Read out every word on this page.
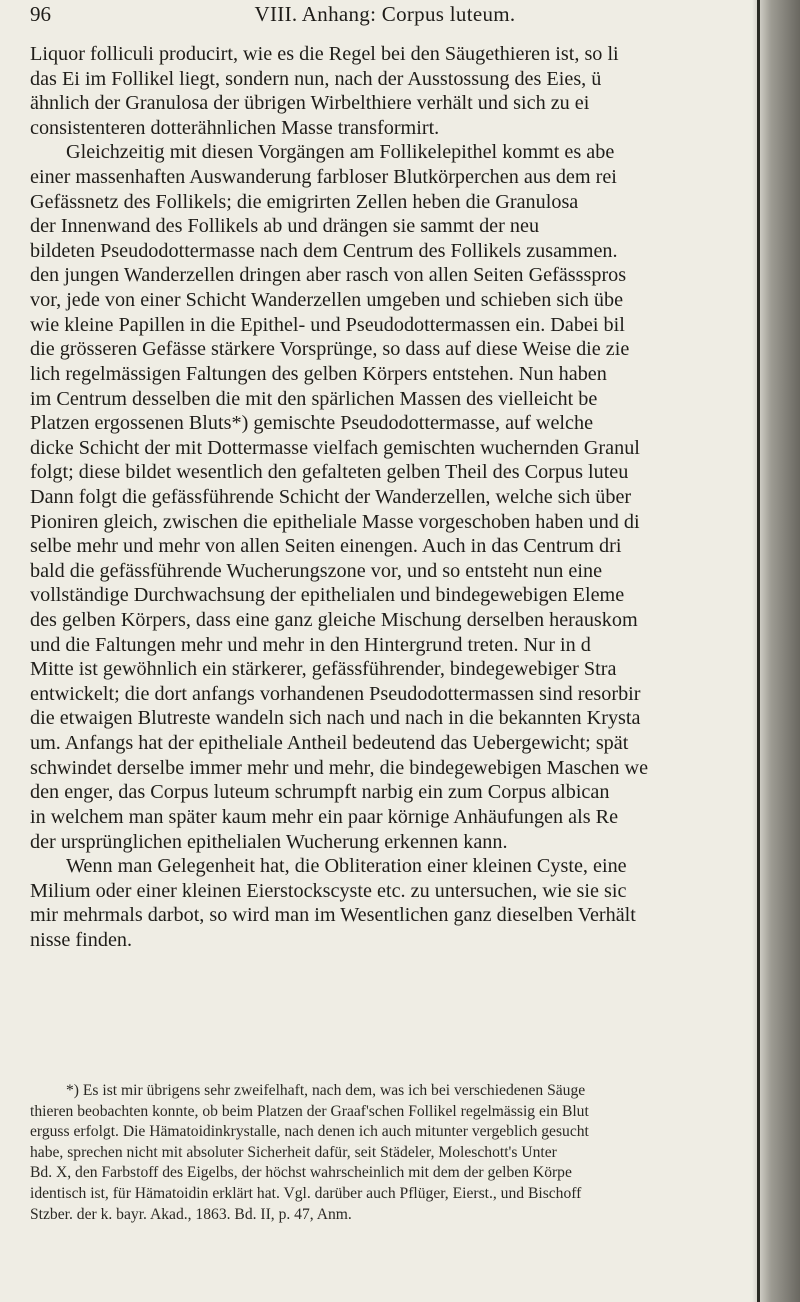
96	VIII. Anhang: Corpus luteum.
Liquor folliculi producirt, wie es die Regel bei den Säugethieren ist, so li
das Ei im Follikel liegt, sondern nun, nach der Ausstossung des Eies, ü
ähnlich der Granulosa der übrigen Wirbelthiere verhält und sich zu ei
consistenteren dotterähnlichen Masse transformirt.
Gleichzeitig mit diesen Vorgängen am Follikelepithel kommt es abe
einer massenhaften Auswanderung farbloser Blutkörperchen aus dem rei
Gefässnetz des Follikels; die emigrirten Zellen heben die Granulosa
der Innenwand des Follikels ab und drängen sie sammt der neu
bildeten Pseudodottermasse nach dem Centrum des Follikels zusammen.
den jungen Wanderzellen dringen aber rasch von allen Seiten Gefässspros
vor, jede von einer Schicht Wanderzellen umgeben und schieben sich übe
wie kleine Papillen in die Epithel- und Pseudodottermassen ein. Dabei bil
die grösseren Gefässe stärkere Vorsprünge, so dass auf diese Weise die zie
lich regelmässigen Faltungen des gelben Körpers entstehen. Nun haben
im Centrum desselben die mit den spärlichen Massen des vielleicht be
Platzen ergossenen Bluts*) gemischte Pseudodottermasse, auf welche
dicke Schicht der mit Dottermasse vielfach gemischten wuchernden Granul
folgt; diese bildet wesentlich den gefalteten gelben Theil des Corpus luteu
Dann folgt die gefässführende Schicht der Wanderzellen, welche sich über
Pioniren gleich, zwischen die epitheliale Masse vorgeschoben haben und di
selbe mehr und mehr von allen Seiten einengen. Auch in das Centrum dri
bald die gefässführende Wucherungszone vor, und so entsteht nun eine
vollständige Durchwachsung der epithelialen und bindegewebigen Eleme
des gelben Körpers, dass eine ganz gleiche Mischung derselben herauskom
und die Faltungen mehr und mehr in den Hintergrund treten. Nur in d
Mitte ist gewöhnlich ein stärkerer, gefässführender, bindegewebiger Stra
entwickelt; die dort anfangs vorhandenen Pseudodottermassen sind resorbir
die etwaigen Blutreste wandeln sich nach und nach in die bekannten Krysta
um. Anfangs hat der epitheliale Antheil bedeutend das Uebergewicht; spät
schwindet derselbe immer mehr und mehr, die bindegewebigen Maschen we
den enger, das Corpus luteum schrumpft narbig ein zum Corpus albican
in welchem man später kaum mehr ein paar körnige Anhäufungen als Re
der ursprünglichen epithelialen Wucherung erkennen kann.
Wenn man Gelegenheit hat, die Obliteration einer kleinen Cyste, eine
Milium oder einer kleinen Eierstockscyste etc. zu untersuchen, wie sie sic
mir mehrmals darbot, so wird man im Wesentlichen ganz dieselben Verhält
nisse finden.
*) Es ist mir übrigens sehr zweifelhaft, nach dem, was ich bei verschiedenen Säuge
thieren beobachten konnte, ob beim Platzen der Graaf'schen Follikel regelmässig ein Blut
erguss erfolgt. Die Hämatoidinkrystalle, nach denen ich auch mitunter vergeblich gesucht
habe, sprechen nicht mit absoluter Sicherheit dafür, seit Städeler, Moleschott's Unter
Bd. X, den Farbstoff des Eigelbs, der höchst wahrscheinlich mit dem der gelben Körpe
identisch ist, für Hämatoidin erklärt hat. Vgl. darüber auch Pflüger, Eierst., und Bischoff
Stzber. der k. bayr. Akad., 1863. Bd. II, p. 47, Anm.
